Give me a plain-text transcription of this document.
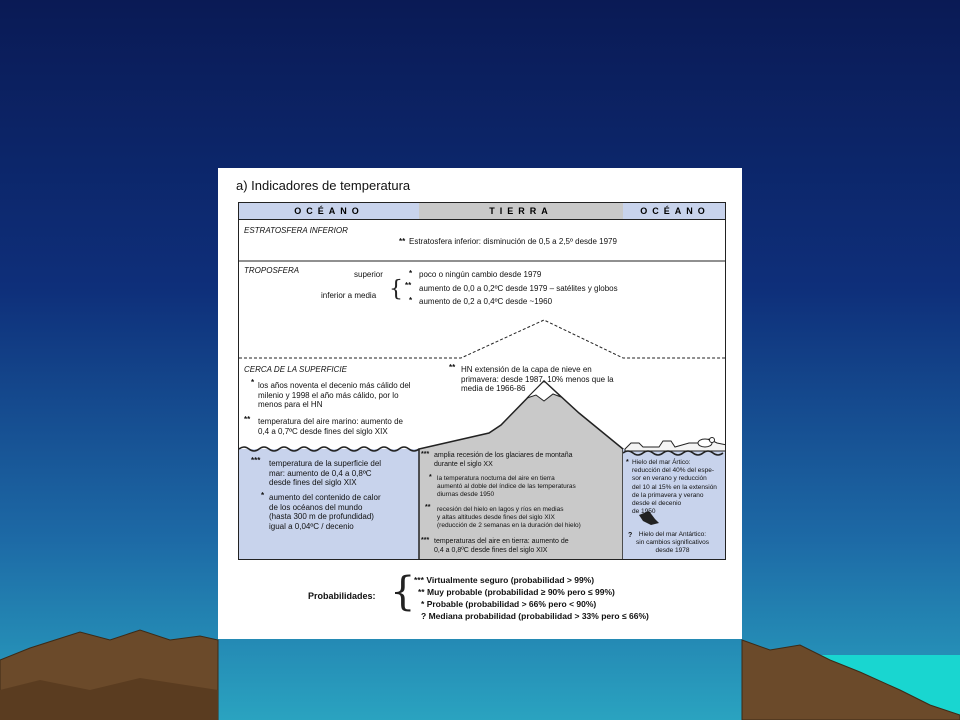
a) Indicadores de temperatura
OCÉANO	TIERRA	OCÉANO
ESTRATOSFERA INFERIOR
** Estratosfera inferior: disminución de 0,5 a 2,5º desde 1979
TROPOSFERA	superior	* poco o ningún cambio desde 1979
inferior a media { ** aumento de 0,0 a 0,2ºC desde 1979 – satélites y globos
* aumento de 0,2 a 0,4ºC desde ~1960
CERCA DE LA SUPERFICIE	** HN extensión de la capa de nieve en
primavera: desde 1987, 10% menos que la
media de 1966-86
* los años noventa el decenio más cálido del
milenio y 1998 el año más cálido, por lo
menos para el HN
** temperatura del aire marino: aumento de
0,4 a 0,7ºC desde fines del siglo XIX
*** temperatura de la superficie del
mar: aumento de 0,4 a 0,8ºC
desde fines del siglo XIX
* aumento del contenido de calor
de los océanos del mundo
(hasta 300 m de profundidad)
igual a 0,04ºC / decenio
*** amplia recesión de los glaciares de montaña
durante el siglo XX
* la temperatura nocturna del aire en tierra
aumentó al doble del índice de las temperaturas
diurnas desde 1950
** recesión del hielo en lagos y ríos en medias
y altas altitudes desde fines del siglo XIX
(reducción de 2 semanas en la duración del hielo)
*** temperaturas del aire en tierra: aumento de
0,4 a 0,8ºC desde fines del siglo XIX
* Hielo del mar Ártico:
reducción del 40% del espe-
sor en verano y reducción
del 10 al 15% en la extensión
de la primavera y verano
desde el decenio
de 1950
?	Hielo del mar Antártico:
sin cambios significativos
desde 1978
Probabilidades: {
*** Virtualmente seguro (probabilidad > 99%)
** Muy probable (probabilidad ≥ 90% pero ≤ 99%)
* Probable (probabilidad > 66% pero < 90%)
? Mediana probabilidad (probabilidad > 33% pero ≤ 66%)
